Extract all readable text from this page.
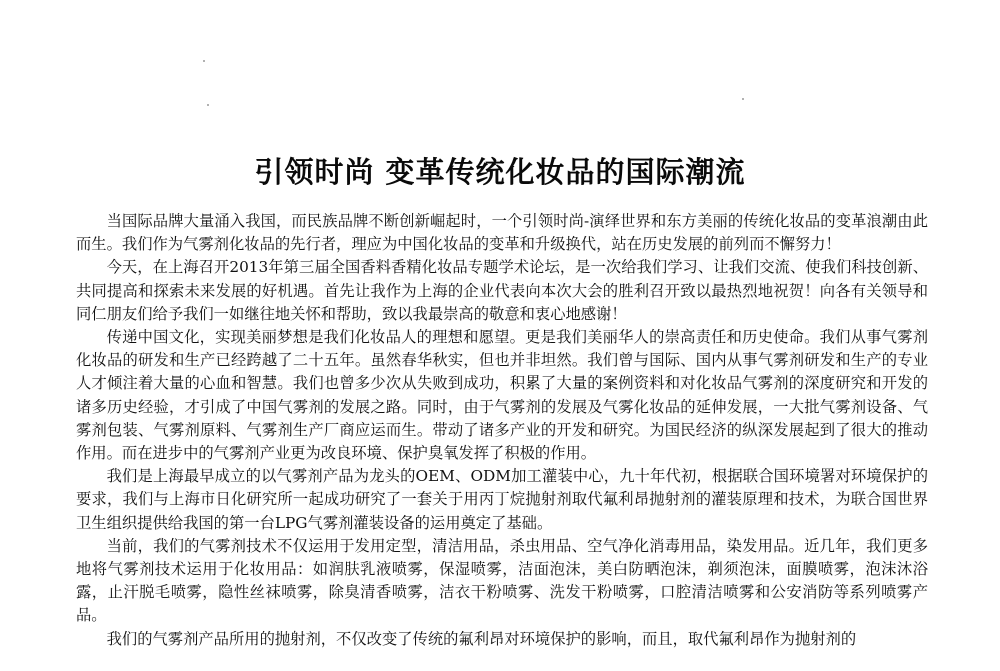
引领时尚 变革传统化妆品的国际潮流

当国际品牌大量涌入我国，而民族品牌不断创新崛起时，一个引领时尚-演绎世界和东方美丽的传统化妆品的变革浪潮由此而生。我们作为气雾剂化妆品的先行者，理应为中国化妆品的变革和升级换代，站在历史发展的前列而不懈努力！

今天，在上海召开2013年第三届全国香料香精化妆品专题学术论坛，是一次给我们学习、让我们交流、使我们科技创新、共同提高和探索未来发展的好机遇。首先让我作为上海的企业代表向本次大会的胜利召开致以最热烈地祝贺！向各有关领导和同仁朋友们给予我们一如继往地关怀和帮助，致以我最崇高的敬意和衷心地感谢！

传递中国文化，实现美丽梦想是我们化妆品人的理想和愿望。更是我们美丽华人的崇高责任和历史使命。我们从事气雾剂化妆品的研发和生产已经跨越了二十五年。虽然春华秋实，但也并非坦然。我们曾与国际、国内从事气雾剂研发和生产的专业人才倾注着大量的心血和智慧。我们也曾多少次从失败到成功，积累了大量的案例资料和对化妆品气雾剂的深度研究和开发的诸多历史经验，才引成了中国气雾剂的发展之路。同时，由于气雾剂的发展及气雾化妆品的延伸发展，一大批气雾剂设备、气雾剂包装、气雾剂原料、气雾剂生产厂商应运而生。带动了诸多产业的开发和研究。为国民经济的纵深发展起到了很大的推动作用。而在进步中的气雾剂产业更为改良环境、保护臭氧发挥了积极的作用。

我们是上海最早成立的以气雾剂产品为龙头的OEM、ODM加工灌装中心，九十年代初，根据联合国环境署对环境保护的要求，我们与上海市日化研究所一起成功研究了一套关于用丙丁烷抛射剂取代氟利昂抛射剂的灌装原理和技术，为联合国世界卫生组织提供给我国的第一台LPG气雾剂灌装设备的运用奠定了基础。

当前，我们的气雾剂技术不仅运用于发用定型，清洁用品，杀虫用品、空气净化消毒用品，染发用品。近几年，我们更多地将气雾剂技术运用于化妆用品：如润肤乳液喷雾，保湿喷雾，洁面泡沫，美白防晒泡沫，剃须泡沫，面膜喷雾，泡沫沐浴露，止汗脱毛喷雾，隐性丝袜喷雾，除臭清香喷雾，洁衣干粉喷雾、洗发干粉喷雾，口腔清洁喷雾和公安消防等系列喷雾产品。

我们的气雾剂产品所用的抛射剂，不仅改变了传统的氟利昂对环境保护的影响，而且，取代氟利昂作为抛射剂的
